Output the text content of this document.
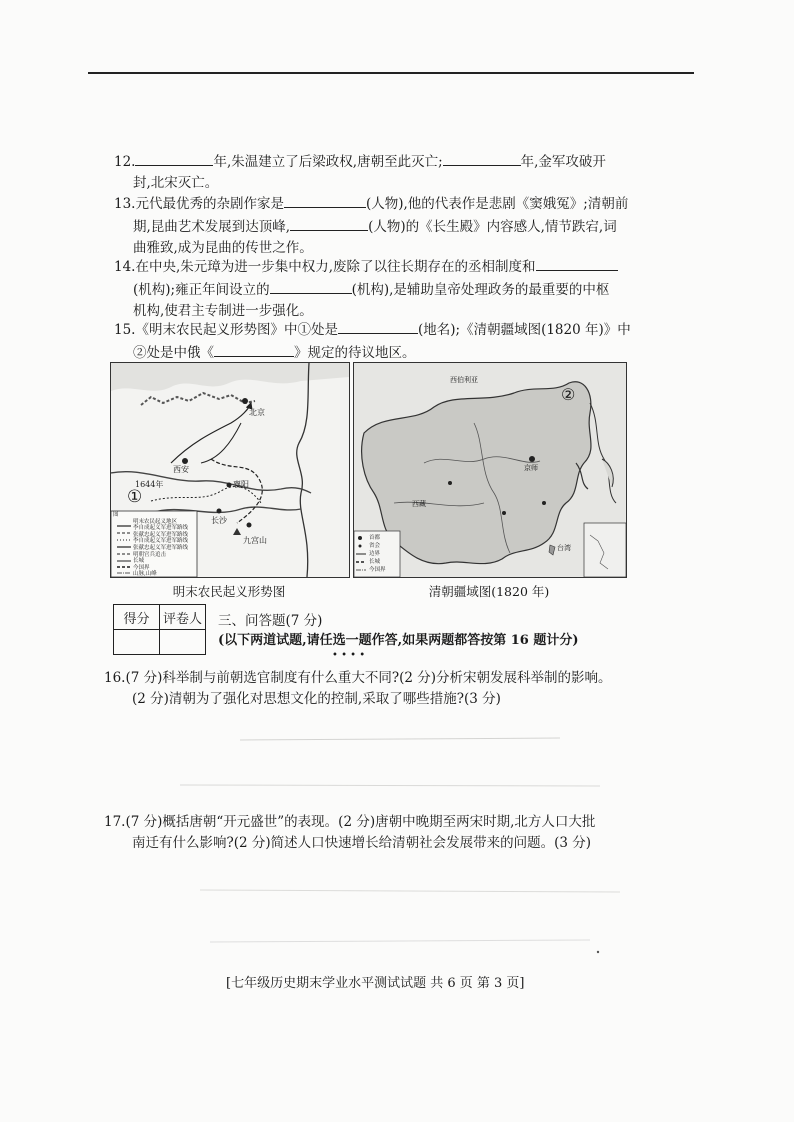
12.	年,朱温建立了后梁政权,唐朝至此灭亡;	年,金军攻破开
封,北宋灭亡。
13.元代最优秀的杂剧作家是	(人物),他的代表作是悲剧《窦娥冤》;清朝前
期,昆曲艺术发展到达顶峰,	(人物)的《长生殿》内容感人,情节跌宕,词
曲雅致,成为昆曲的传世之作。
14.在中央,朱元璋为进一步集中权力,废除了以往长期存在的丞相制度和
(机构);雍正年间设立的	(机构),是辅助皇帝处理政务的最重要的中枢
机构,使君主专制进一步强化。
15.《明末农民起义形势图》中①处是	(地名);《清朝疆域图(1820 年)》中
②处是中俄《	》规定的待议地区。
北京
西安
襄阳
长沙
九宫山
1644年
①
图
明末农民起义地区
李自成起义军进军路线
张献忠起义军进军路线
李自成起义军进军路线
张献忠起义军进军路线
明朝官兵追击
长城
今国界
山脉,山峰
明末农民起义形势图
西伯利亚
京师
西藏
台湾
②
首都
省会
边界
长城
今国界
清朝疆域图(1820 年)
得分	评卷人
	三、问答题(7 分)
(以下两道试题,请任选一题作答,如果两题都答按第 16 题计分)
• • • •
16.(7 分)科举制与前朝选官制度有什么重大不同?(2 分)分析宋朝发展科举制的影响。
(2 分)清朝为了强化对思想文化的控制,采取了哪些措施?(3 分)
17.(7 分)概括唐朝“开元盛世”的表现。(2 分)唐朝中晚期至两宋时期,北方人口大批
南迁有什么影响?(2 分)简述人口快速增长给清朝社会发展带来的问题。(3 分)
[七年级历史期末学业水平测试试题 共 6 页 第 3 页]
